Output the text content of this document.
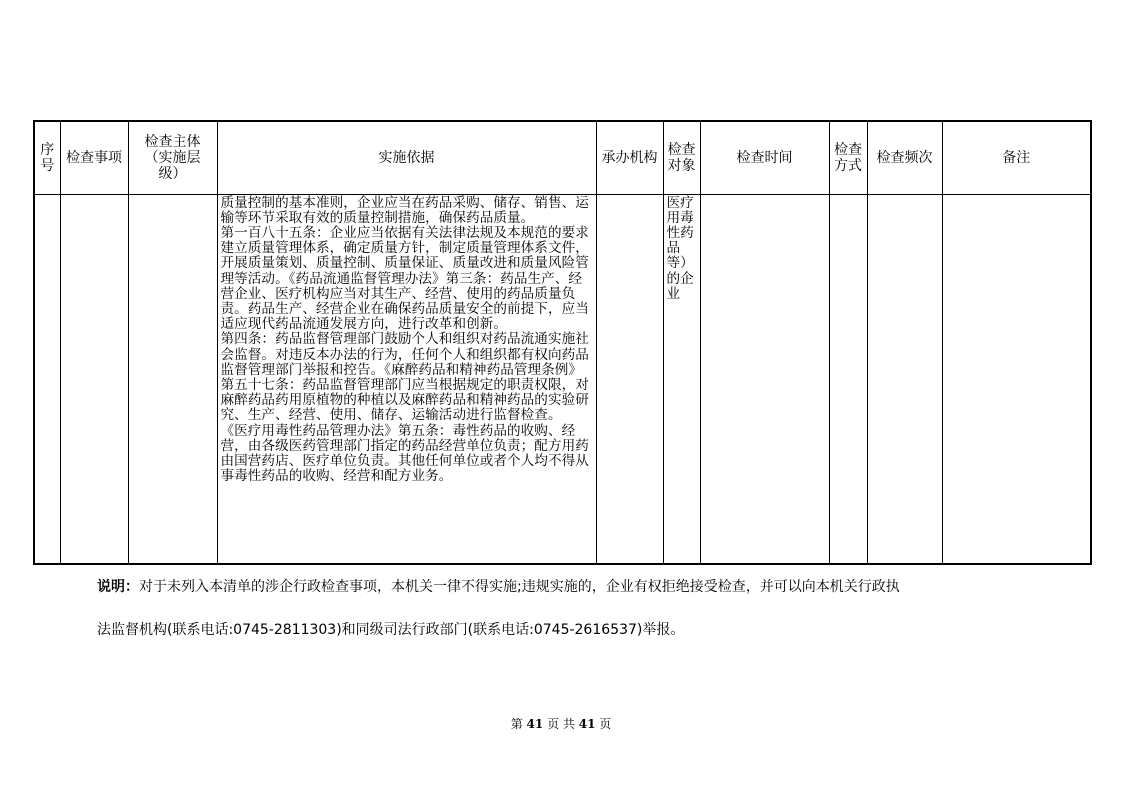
序号	检查事项	检查主体（实施层级）	实施依据	承办机构	检查对象	检查时间	检查方式	检查频次	备注

			质量控制的基本准则，企业应当在药品采购、储存、销售、运输等环节采取有效的质量控制措施，确保药品质量。

第一百八十五条：企业应当依据有关法律法规及本规范的要求建立质量管理体系，确定质量方针，制定质量管理体系文件，开展质量策划、质量控制、质量保证、质量改进和质量风险管理等活动。《药品流通监督管理办法》第三条：药品生产、经营企业、医疗机构应当对其生产、经营、使用的药品质量负责。药品生产、经营企业在确保药品质量安全的前提下，应当适应现代药品流通发展方向，进行改革和创新。

第四条：药品监督管理部门鼓励个人和组织对药品流通实施社会监督。对违反本办法的行为，任何个人和组织都有权向药品监督管理部门举报和控告。《麻醉药品和精神药品管理条例》第五十七条：药品监督管理部门应当根据规定的职责权限，对麻醉药品药用原植物的种植以及麻醉药品和精神药品的实验研究、生产、经营、使用、储存、运输活动进行监督检查。

《医疗用毒性药品管理办法》第五条：毒性药品的收购、经营，由各级医药管理部门指定的药品经营单位负责；配方用药由国营药店、医疗单位负责。其他任何单位或者个人均不得从事毒性药品的收购、经营和配方业务。		医疗用毒性药品等）的企业				

说明：对于未列入本清单的涉企行政检查事项，本机关一律不得实施;违规实施的，企业有权拒绝接受检查，并可以向本机关行政执
法监督机构(联系电话:0745-2811303)和同级司法行政部门(联系电话:0745-2616537)举报。
第 41 页 共 41 页
